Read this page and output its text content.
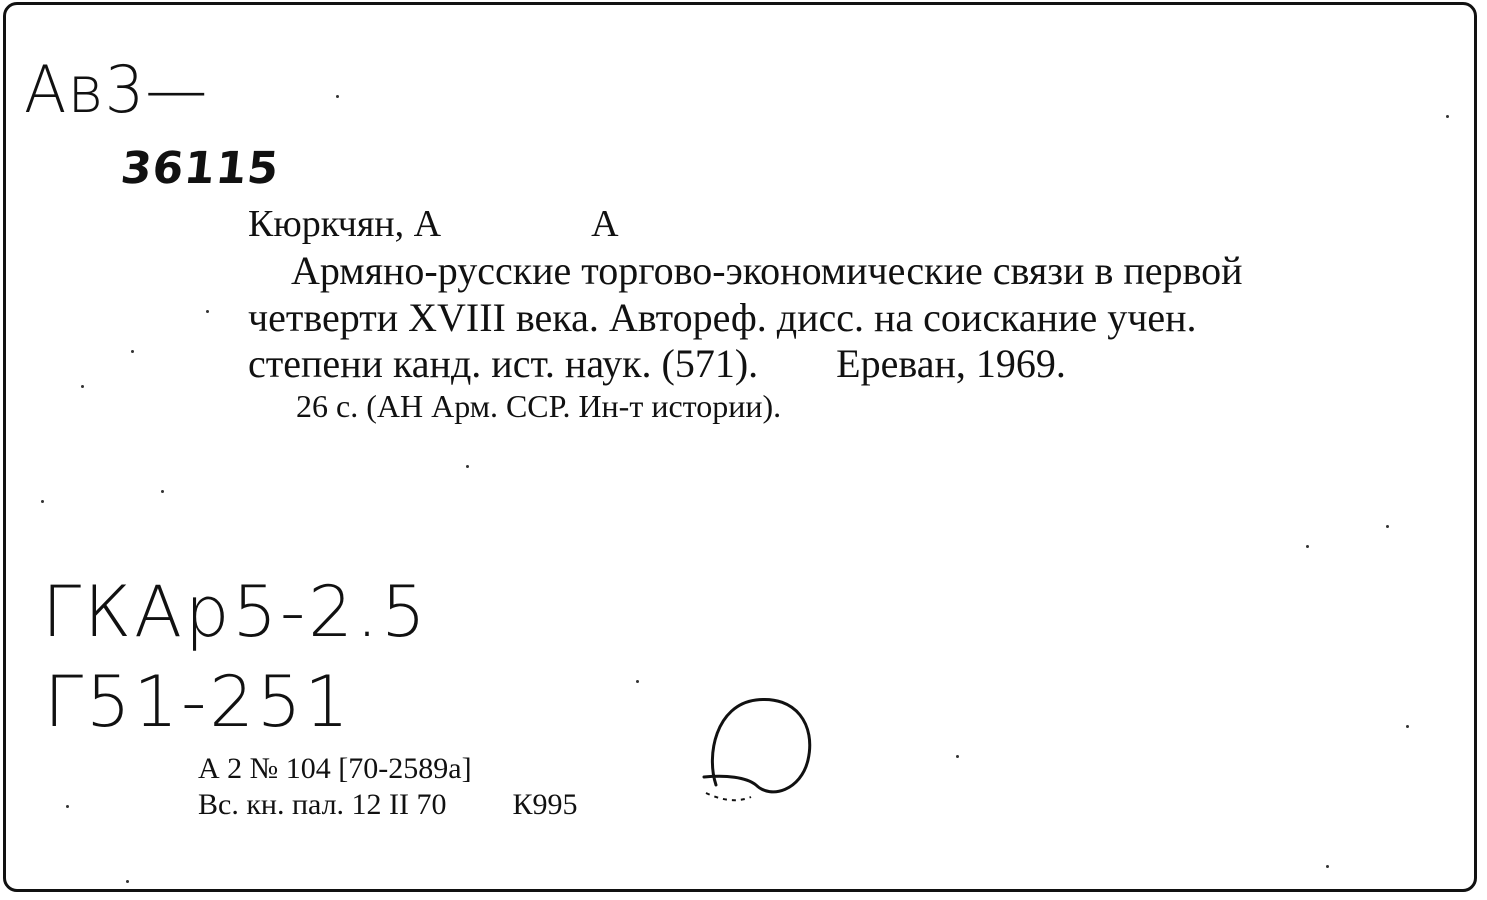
Ав3—
36115
Кюркчян, А	А
Армяно-русские торгово-экономические связи в первой
четверти XVIII века. Автореф. дисс. на соискание учен.
степени канд. ист. наук. (571). Ереван, 1969.
26 с. (АН Арм. ССР. Ин-т истории).
ГКАр5-2.5
Г51-251
А 2 № 104 [70-2589а]
Вс. кн. пал. 12 II 70 К995
